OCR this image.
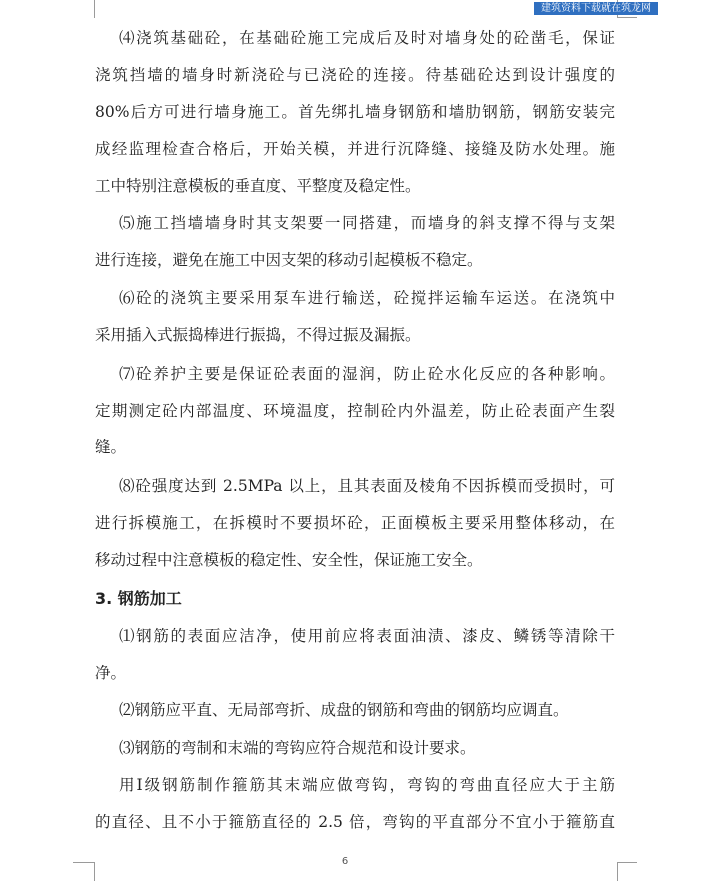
建筑资料下载就在筑龙网
⑷浇筑基础砼，在基础砼施工完成后及时对墙身处的砼凿毛，保证
浇筑挡墙的墙身时新浇砼与已浇砼的连接。待基础砼达到设计强度的
80%后方可进行墙身施工。首先绑扎墙身钢筋和墙肋钢筋，钢筋安装完
成经监理检查合格后，开始关模，并进行沉降缝、接缝及防水处理。施
工中特别注意模板的垂直度、平整度及稳定性。
⑸施工挡墙墙身时其支架要一同搭建，而墙身的斜支撑不得与支架
进行连接，避免在施工中因支架的移动引起模板不稳定。
⑹砼的浇筑主要采用泵车进行输送，砼搅拌运输车运送。在浇筑中
采用插入式振捣棒进行振捣，不得过振及漏振。
⑺砼养护主要是保证砼表面的湿润，防止砼水化反应的各种影响。
定期测定砼内部温度、环境温度，控制砼内外温差，防止砼表面产生裂
缝。
⑻砼强度达到 2.5MPa 以上，且其表面及棱角不因拆模而受损时，可
进行拆模施工，在拆模时不要损坏砼，正面模板主要采用整体移动，在
移动过程中注意模板的稳定性、安全性，保证施工安全。
3. 钢筋加工
⑴钢筋的表面应洁净，使用前应将表面油渍、漆皮、鳞锈等清除干
净。
⑵钢筋应平直、无局部弯折、成盘的钢筋和弯曲的钢筋均应调直。
⑶钢筋的弯制和末端的弯钩应符合规范和设计要求。
用Ⅰ级钢筋制作箍筋其末端应做弯钩，弯钩的弯曲直径应大于主筋
的直径、且不小于箍筋直径的 2.5 倍，弯钩的平直部分不宜小于箍筋直
6
